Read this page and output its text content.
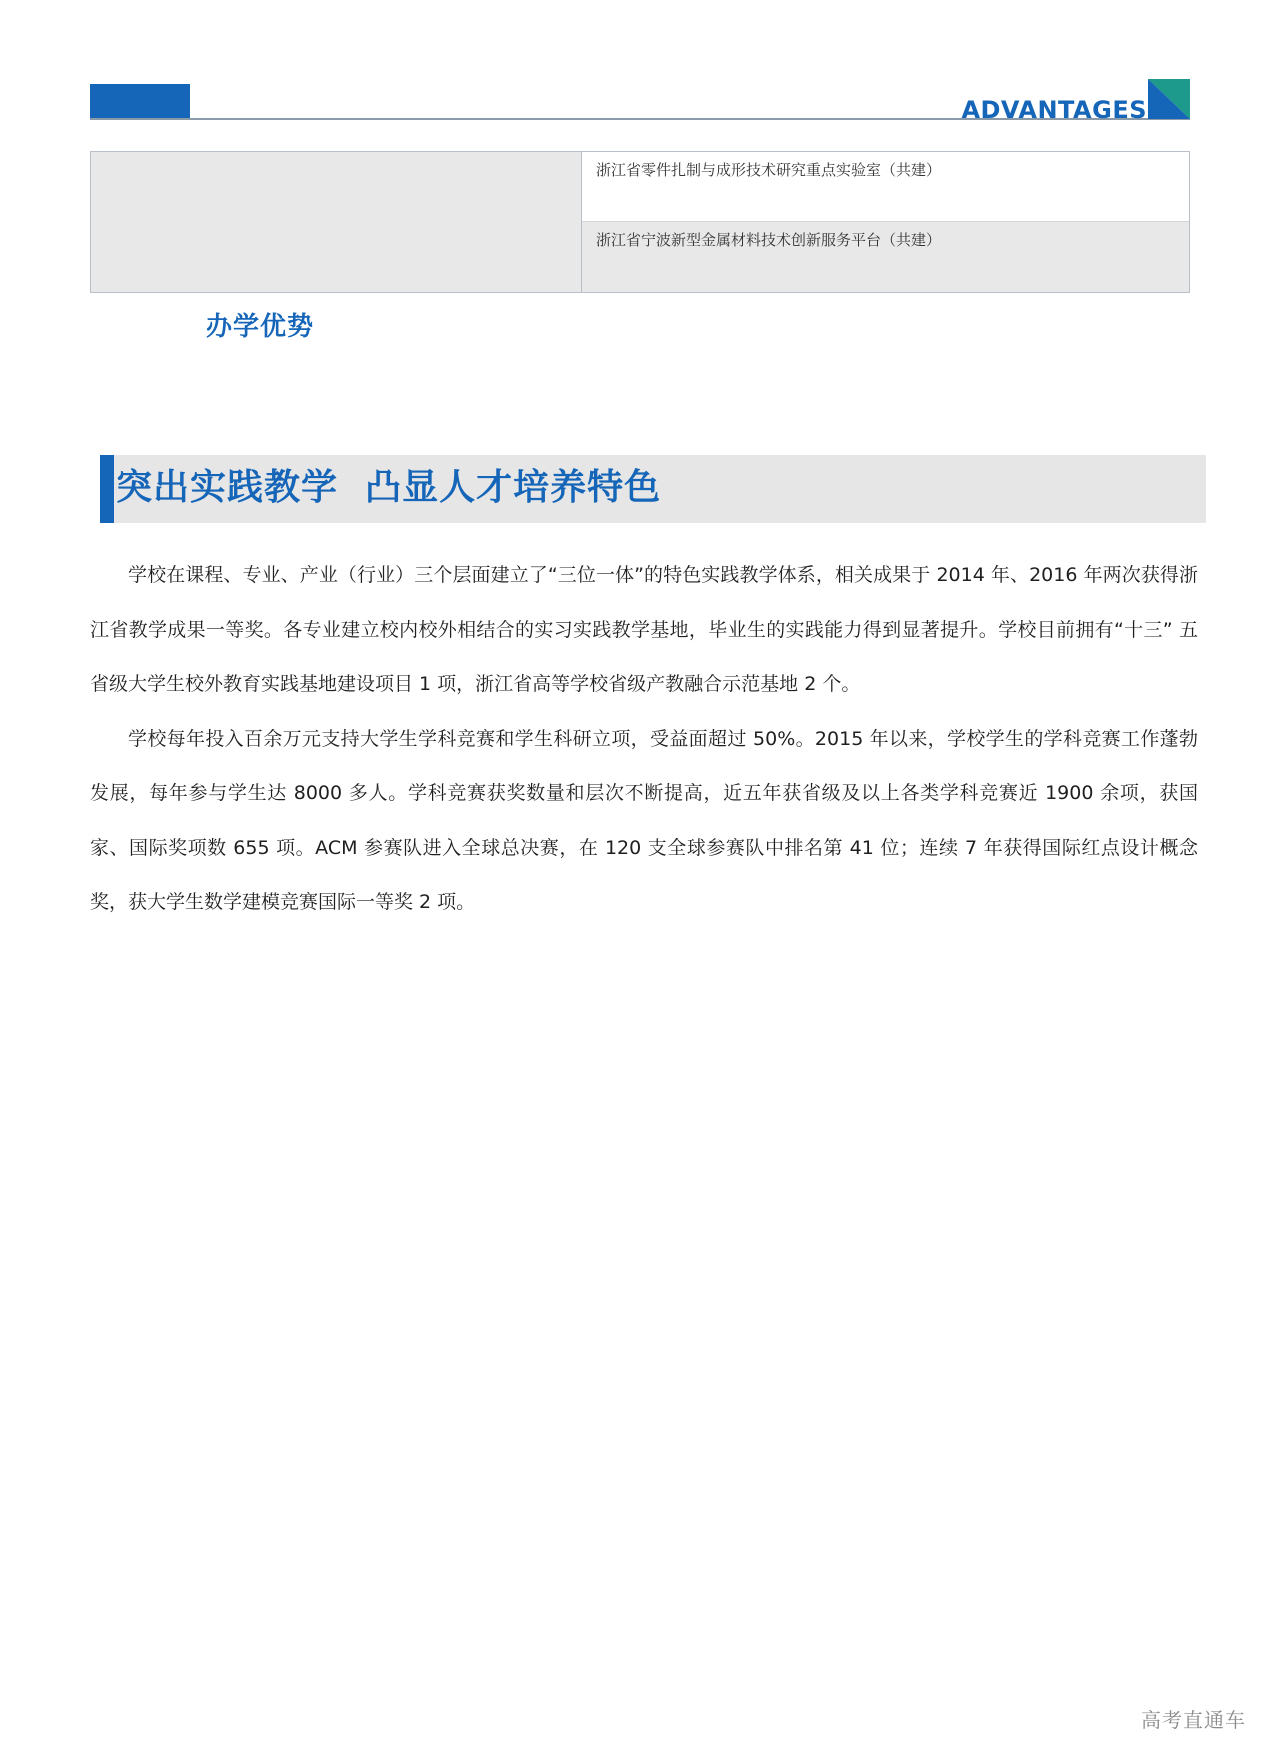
ADVANTAGES
浙江省零件扎制与成形技术研究重点实验室（共建）
浙江省宁波新型金属材料技术创新服务平台（共建）
办学优势
突出实践教学  凸显人才培养特色

学校在课程、专业、产业（行业）三个层面建立了“三位一体”的特色实践教学体系，相关成果于 2014 年、2016 年两次获得浙江省教学成果一等奖。各专业建立校内校外相结合的实习实践教学基地，毕业生的实践能力得到显著提升。学校目前拥有“十三” 五省级大学生校外教育实践基地建设项目 1 项，浙江省高等学校省级产教融合示范基地 2 个。

学校每年投入百余万元支持大学生学科竞赛和学生科研立项，受益面超过 50%。2015 年以来，学校学生的学科竞赛工作蓬勃发展，每年参与学生达 8000 多人。学科竞赛获奖数量和层次不断提高，近五年获省级及以上各类学科竞赛近 1900 余项，获国家、国际奖项数 655 项。ACM 参赛队进入全球总决赛，在 120 支全球参赛队中排名第 41 位；连续 7 年获得国际红点设计概念奖，获大学生数学建模竞赛国际一等奖 2 项。

高考直通车
